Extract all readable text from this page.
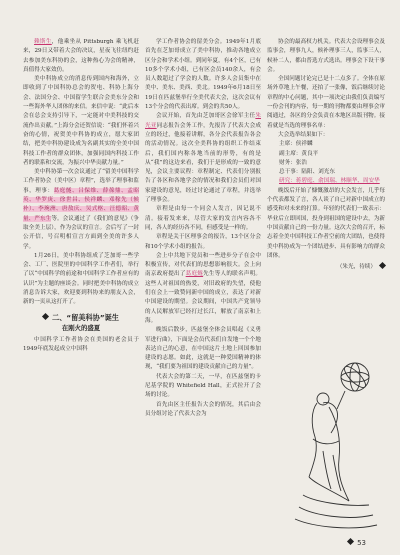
赖斯生，他乘坐从 Pittsburgh 乘飞机赶来，29日又带着大会的决议，星夜飞往纽约赶去参加美东科协的会，这种热心为会的精神，真值得大家效仿。

美中科协成立的消息传到国内和海外，立即收到了中国科协总会的贺电、科协上海分会、法国分会、中国留学生联合会美东分会和一些海外华人团体的来信。来信中说：“此后本会在总会支持引导下，一定能对中美科技的交流作出贡献。”上海分会还贺信说：“我们怀着兴奋的心情，祝贺美中科协的成立，愿大家团结，把美中科协建设成为名副其实的全美中国科技工作者的群众团体，加强同国内科技工作者的联系和交流，为振兴中华贡献力量。”

美中科协第一次会议通过了“留美中国科学工作者协会（美中区）章程”，选举了理事和监事，理事：葛庭燧、吕保维、薛葆鼎、孟昭英、华罗庚、徐世昌、侯祥麟、邓稼先（候补）、李琬洲、唐敖庆、吴式枢、汪德昭、黄量、严东生等。会议通过了《我们的意见》（争取全美上层），作为会议的宣言。会后写了一封公开信，号召明相宣言方面到全美的许多人学。

1月26日，美中科协组成了芝加哥一些学会、工厂、医院里的中国科学工作者们，举行了以“中国科学的前途和中国科学工作者应有的认识”为主题的座谈会。同时把美中科协的成立消息告诉大家，欢迎要到科协来的朋友入会，新的一页从这打开了。

二、“留美科协”诞生
在刚火的盛夏

中国科学工作者协会在美国的老会员于1949年底发起成立中国科

学工作者协会的留美分会。1949年1月底首先在芝加哥成立了美中科协，推动各地成立区分会和学术小组。到同年夏，有4个区，已有10多个学术小组，已有区会员140余人，有会员人数超过了学会的人数。许多人会员集中在美中、美东、美西、美北。1949年6月18日至19日在匹兹堡举行全美代表大会，这次会议有13个分会的代表出席。到会的共50人。

会议开始，首先由芝加哥区会徐军主任朱光亚同志报告会务工作，先报告了代表大会成立的经过，他接着讲解，各分会代表报告各会的活动情况。这次全美科协的组织工作结束后，我们国内称各地当前的形势，有的是从“我”的这边来看，我们于是形成的一致的意见，会议主要议程：章程制定、代表们分别报告了各区和各地学会的情况和我们会员们对国家建设的意见，经过讨论通过了章程，并选举了理事会。

章程是由每一个同会人发言，因记说不清。接着发来来，尽管大家的发言内容各不同，各人的经历各不同，但感受是一样的。

章程是关于区理事会的报告，13个区分会和10个学术小组的报告。

会上中共地下党员和一些进步分子在会中积极宣传，对代表们的思想影响很大。会上向南京政府提出了葛庭燧先生等人的联名声明。这些人对祖国的热爱，对旧政府的失望，使他们在会上一致赞同新中国的成立，表达了对新中国建设的期望。会议期间，中国共产党领导的人民解放军已经打过长江，解放了南京和上海。

晚饭后散步，匹兹堡全体会员唱起《义勇军进行曲》，下面是会员代表们自发地一个个地表达自己的心意，在中国这片土地上回国参加建设的志愿。如此，这就是一种爱国精神的体现，“我们要为祖国的建设贡献自己的力量”。

代表大会的第二天，一早，在匹兹堡的卡尼基学院的 Whitefield Hall，正式拉开了会场的讨论。

首先由区主任报告大会的情况，其后由会员分组讨论了代表大会为

协会的最高权力机关。代表大会设理事会及监事会，理事九人，候补理事三人，监事三人，候补二人，都由普选方式选出。理事会下设干事会。

全国问题讨论完已是十二点多了。全体在原场外草地上午餐，还拍了一张像，饭后继续讨论章程的中心问题，其中一项决定由我们负责编写一份会刊的内容，每一期的刊物都要由理事会审阅通过，各区的分会负责在本地区出版刊物。接着就是当选的理事名单：

大会选举结果如下：

主席：侯祥麟
副主席：黄良平
财务：张浩
总干事：陆阳、刘光东
研究：蒋碧庭、俞国瑞、林顺华、周安华

晚饭后开始了慷慨激昂的大会发言，几乎每个代表都发了言，各人谈了自己对新中国成立的感受和对未来的打算。年轻的代表们一致表示：毕业后立即回国，投身到祖国的建设中去，为新中国贡献自己的一份力量。这次大会的召开，标志着全美中国科技工作者空前的大团结，也使得美中科协成为一个团结进步、具有影响力的群众团体。

（朱光，待续）
53
